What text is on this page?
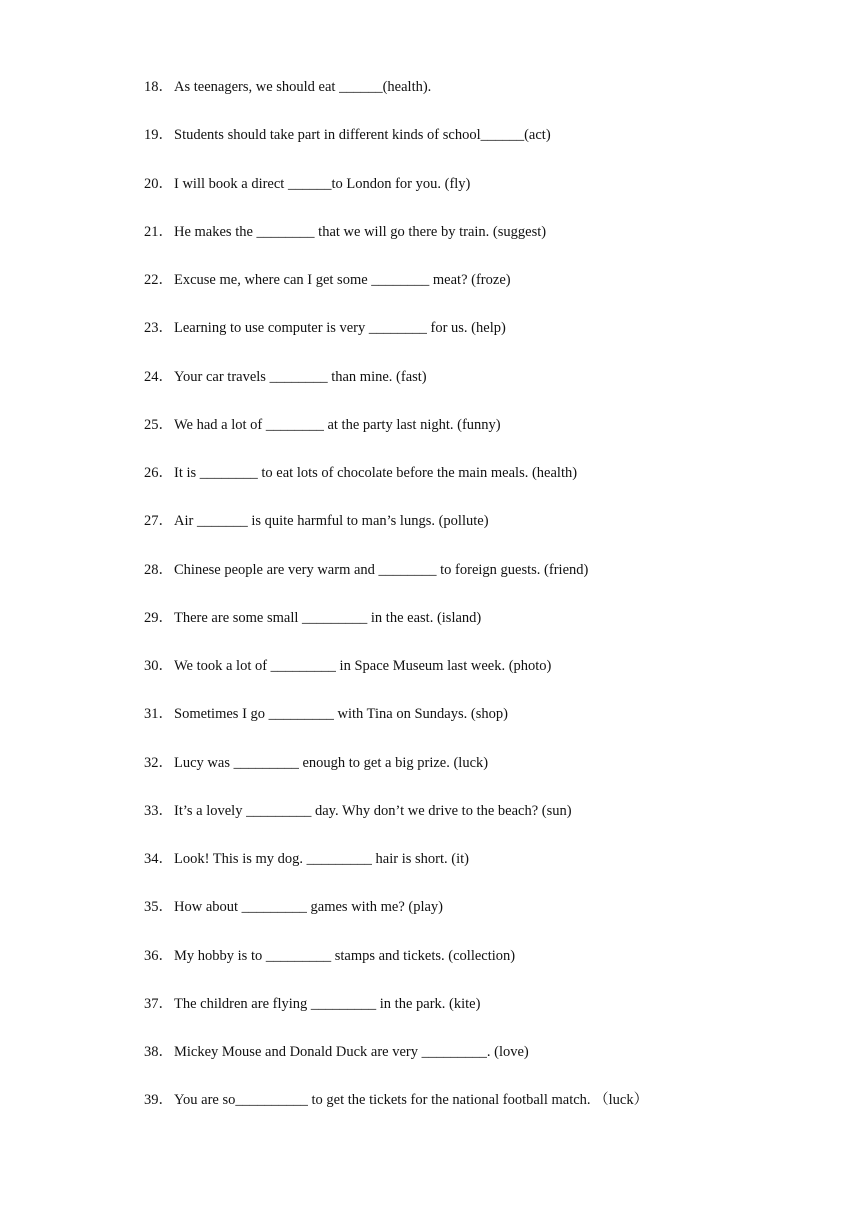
18．As teenagers, we should eat ______(health).
19．Students should take part in different kinds of school______(act)
20．I will book a direct ______to London for you. (fly)
21．He makes the ________ that we will go there by train. (suggest)
22．Excuse me, where can I get some ________ meat? (froze)
23．Learning to use computer is very ________ for us. (help)
24．Your car travels ________ than mine. (fast)
25．We had a lot of ________ at the party last night. (funny)
26．It is ________ to eat lots of chocolate before the main meals. (health)
27．Air _______ is quite harmful to man’s lungs. (pollute)
28．Chinese people are very warm and ________ to foreign guests. (friend)
29．There are some small _________ in the east. (island)
30．We took a lot of _________ in Space Museum last week. (photo)
31．Sometimes I go _________ with Tina on Sundays. (shop)
32．Lucy was _________ enough to get a big prize. (luck)
33．It’s a lovely _________ day. Why don’t we drive to the beach? (sun)
34．Look! This is my dog. _________ hair is short. (it)
35．How about _________ games with me? (play)
36．My hobby is to _________ stamps and tickets. (collection)
37．The children are flying _________ in the park. (kite)
38．Mickey Mouse and Donald Duck are very _________. (love)
39．You are so__________ to get the tickets for the national football match. （luck）
